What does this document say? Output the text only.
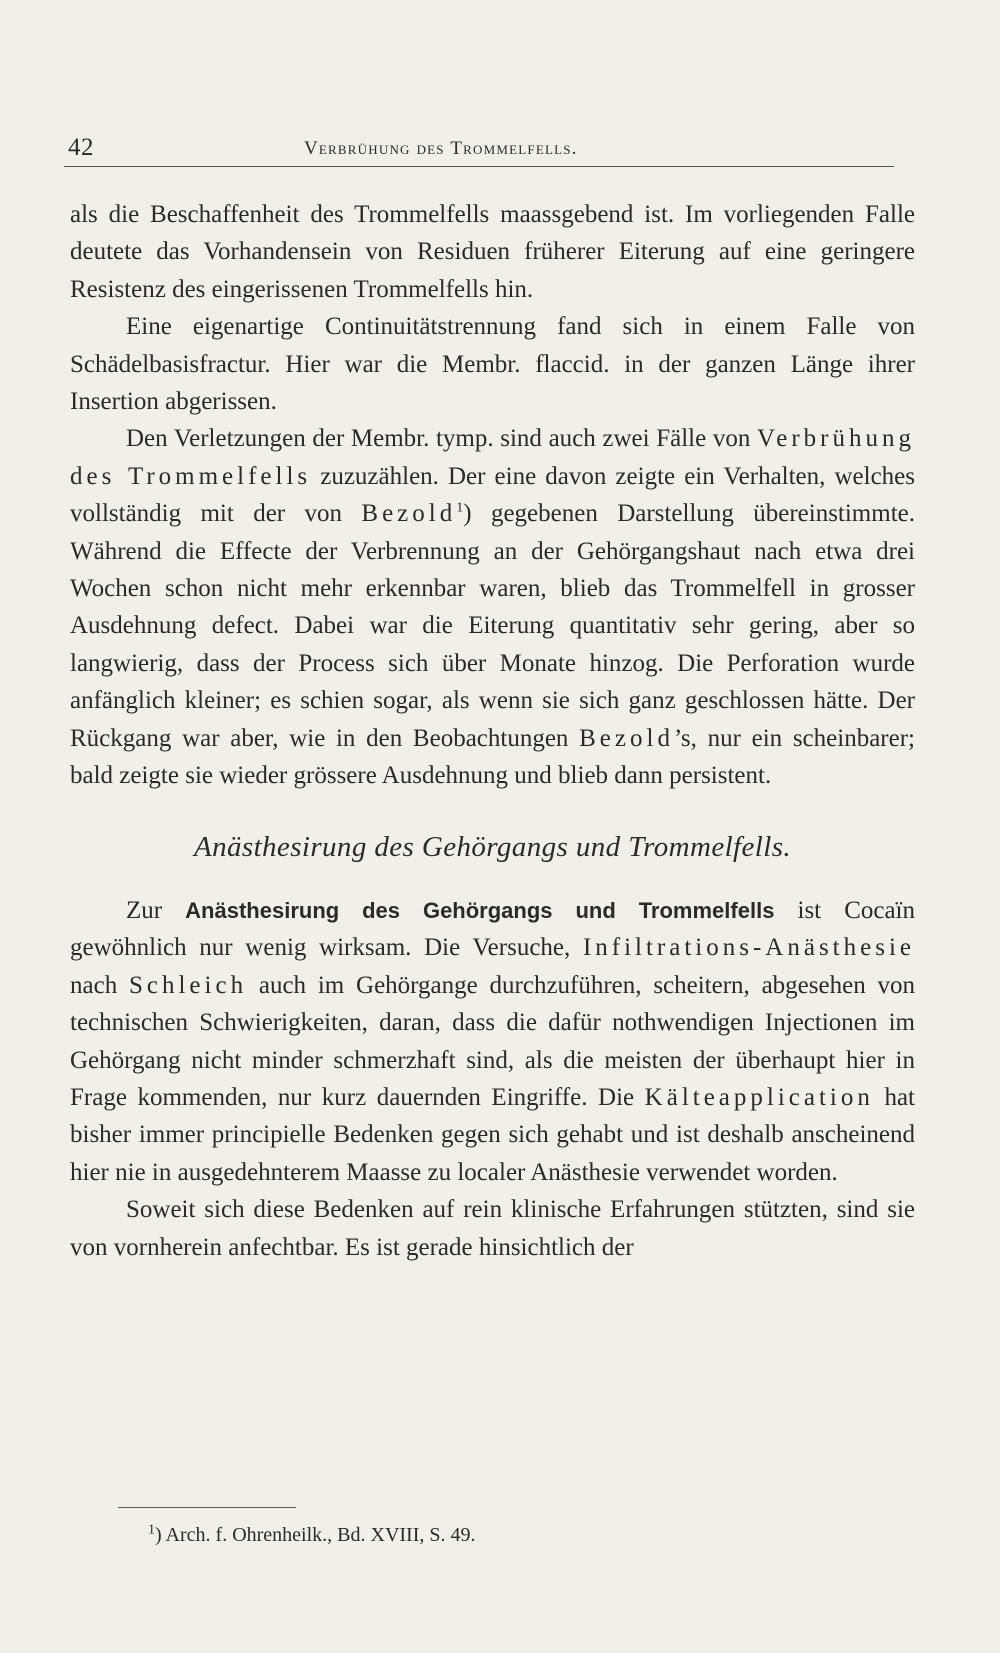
42	Verbrühung des Trommelfells.

als die Beschaffenheit des Trommelfells maassgebend ist. Im vorliegenden Falle deutete das Vorhandensein von Residuen früherer Eiterung auf eine geringere Resistenz des eingerissenen Trommelfells hin.

Eine eigenartige Continuitätstrennung fand sich in einem Falle von Schädelbasisfractur. Hier war die Membr. flaccid. in der ganzen Länge ihrer Insertion abgerissen.

Den Verletzungen der Membr. tymp. sind auch zwei Fälle von Verbrühung des Trommelfells zuzuzählen. Der eine davon zeigte ein Verhalten, welches vollständig mit der von Bezold$^1$) gegebenen Darstellung übereinstimmte. Während die Effecte der Verbrennung an der Gehörgangshaut nach etwa drei Wochen schon nicht mehr erkennbar waren, blieb das Trommelfell in grosser Ausdehnung defect. Dabei war die Eiterung quantitativ sehr gering, aber so langwierig, dass der Process sich über Monate hinzog. Die Perforation wurde anfänglich kleiner; es schien sogar, als wenn sie sich ganz geschlossen hätte. Der Rückgang war aber, wie in den Beobachtungen Bezold’s, nur ein scheinbarer; bald zeigte sie wieder grössere Ausdehnung und blieb dann persistent.

Anästhesirung des Gehörgangs und Trommelfells.

Zur Anästhesirung des Gehörgangs und Trommelfells ist Cocaïn gewöhnlich nur wenig wirksam. Die Versuche, Infiltrations-Anästhesie nach Schleich auch im Gehörgange durchzuführen, scheitern, abgesehen von technischen Schwierigkeiten, daran, dass die dafür nothwendigen Injectionen im Gehörgang nicht minder schmerzhaft sind, als die meisten der überhaupt hier in Frage kommenden, nur kurz dauernden Eingriffe. Die Kälteapplication hat bisher immer principielle Bedenken gegen sich gehabt und ist deshalb anscheinend hier nie in ausgedehnterem Maasse zu localer Anästhesie verwendet worden.

Soweit sich diese Bedenken auf rein klinische Erfahrungen stützten, sind sie von vornherein anfechtbar. Es ist gerade hinsichtlich der

$^1$) Arch. f. Ohrenheilk., Bd. XVIII, S. 49.
